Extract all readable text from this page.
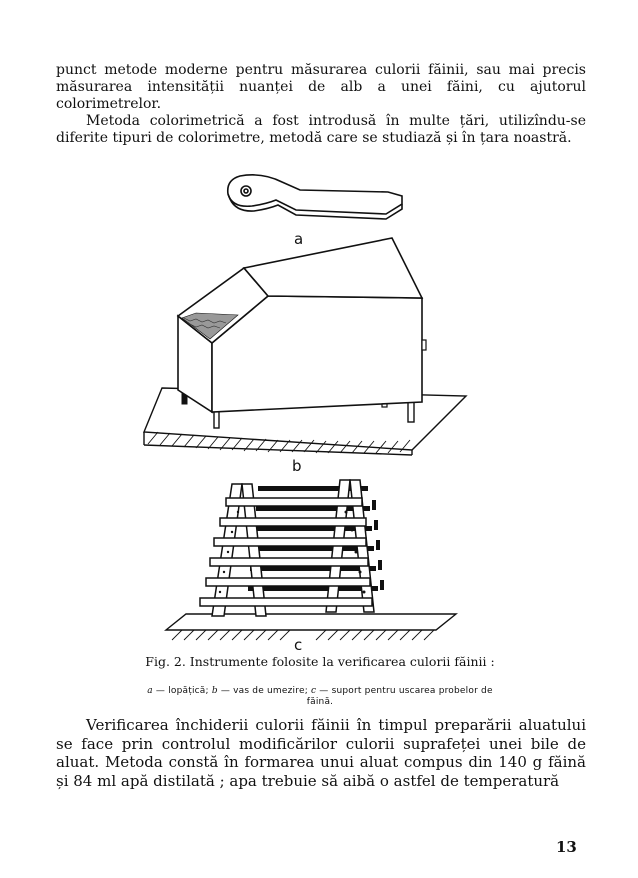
punct metode moderne pentru măsurarea culorii făinii, sau mai precis măsurarea intensității nuanței de alb a unei făini, cu ajutorul colorimetrelor.

Metoda colorimetrică a fost introdusă în multe țări, utilizîndu-se diferite tipuri de colorimetre, metodă care se studiază și în țara noastră.

a
b
c
Fig. 2. Instrumente folosite la verificarea culorii făinii :
a — lopățică; b — vas de umezire; c — suport pentru uscarea probelor de făină.

Verificarea închiderii culorii făinii în timpul preparării aluatului se face prin controlul modificărilor culorii suprafeței unei bile de aluat. Metoda constă în formarea unui aluat compus din 140 g făină și 84 ml apă distilată ; apa trebuie să aibă o astfel de temperatură

13
